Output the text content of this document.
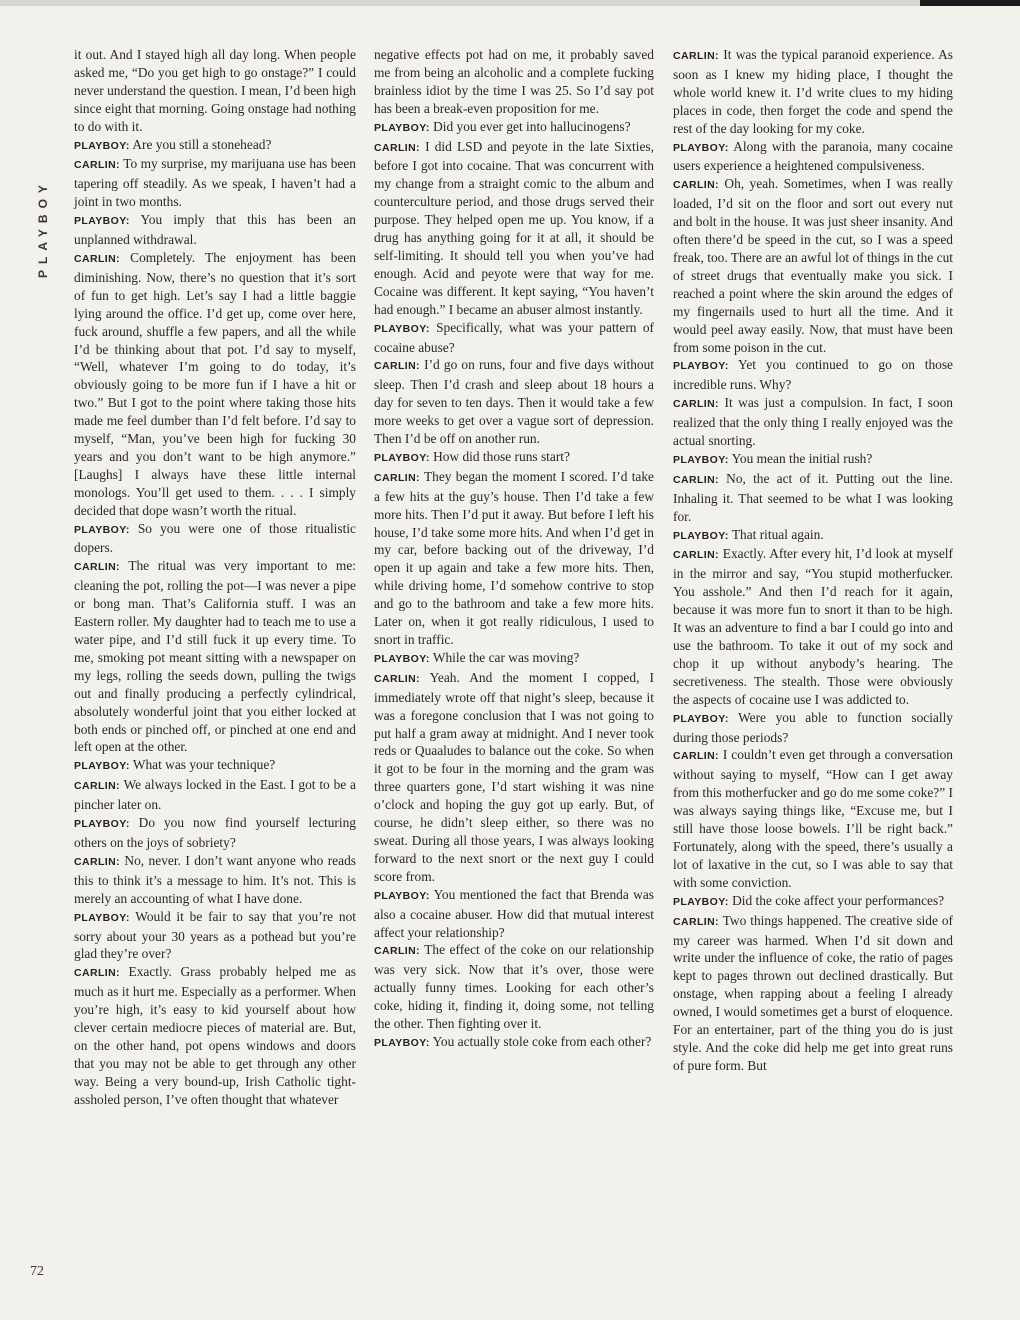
PLAYBOY

it out. And I stayed high all day long. When people asked me, “Do you get high to go onstage?” I could never understand the question. I mean, I’d been high since eight that morning. Going onstage had nothing to do with it.

PLAYBOY: Are you still a stonehead?

CARLIN: To my surprise, my marijuana use has been tapering off steadily. As we speak, I haven’t had a joint in two months.

PLAYBOY: You imply that this has been an unplanned withdrawal.

CARLIN: Completely. The enjoyment has been diminishing. Now, there’s no question that it’s sort of fun to get high. Let’s say I had a little baggie lying around the office. I’d get up, come over here, fuck around, shuffle a few papers, and all the while I’d be thinking about that pot. I’d say to myself, “Well, whatever I’m going to do today, it’s obviously going to be more fun if I have a hit or two.” But I got to the point where taking those hits made me feel dumber than I’d felt before. I’d say to myself, “Man, you’ve been high for fucking 30 years and you don’t want to be high anymore.” [Laughs] I always have these little internal monologs. You’ll get used to them. . . . I simply decided that dope wasn’t worth the ritual.

PLAYBOY: So you were one of those ritualistic dopers.

CARLIN: The ritual was very important to me: cleaning the pot, rolling the pot—I was never a pipe or bong man. That’s California stuff. I was an Eastern roller. My daughter had to teach me to use a water pipe, and I’d still fuck it up every time. To me, smoking pot meant sitting with a newspaper on my legs, rolling the seeds down, pulling the twigs out and finally producing a perfectly cylindrical, absolutely wonderful joint that you either locked at both ends or pinched off, or pinched at one end and left open at the other.

PLAYBOY: What was your technique?

CARLIN: We always locked in the East. I got to be a pincher later on.

PLAYBOY: Do you now find yourself lecturing others on the joys of sobriety?

CARLIN: No, never. I don’t want anyone who reads this to think it’s a message to him. It’s not. This is merely an accounting of what I have done.

PLAYBOY: Would it be fair to say that you’re not sorry about your 30 years as a pothead but you’re glad they’re over?

CARLIN: Exactly. Grass probably helped me as much as it hurt me. Especially as a performer. When you’re high, it’s easy to kid yourself about how clever certain mediocre pieces of material are. But, on the other hand, pot opens windows and doors that you may not be able to get through any other way. Being a very bound-up, Irish Catholic tight-assholed person, I’ve often thought that whatever

negative effects pot had on me, it probably saved me from being an alcoholic and a complete fucking brainless idiot by the time I was 25. So I’d say pot has been a break-even proposition for me.

PLAYBOY: Did you ever get into hallucinogens?

CARLIN: I did LSD and peyote in the late Sixties, before I got into cocaine. That was concurrent with my change from a straight comic to the album and counterculture period, and those drugs served their purpose. They helped open me up. You know, if a drug has anything going for it at all, it should be self-limiting. It should tell you when you’ve had enough. Acid and peyote were that way for me. Cocaine was different. It kept saying, “You haven’t had enough.” I became an abuser almost instantly.

PLAYBOY: Specifically, what was your pattern of cocaine abuse?

CARLIN: I’d go on runs, four and five days without sleep. Then I’d crash and sleep about 18 hours a day for seven to ten days. Then it would take a few more weeks to get over a vague sort of depression. Then I’d be off on another run.

PLAYBOY: How did those runs start?

CARLIN: They began the moment I scored. I’d take a few hits at the guy’s house. Then I’d take a few more hits. Then I’d put it away. But before I left his house, I’d take some more hits. And when I’d get in my car, before backing out of the driveway, I’d open it up again and take a few more hits. Then, while driving home, I’d somehow contrive to stop and go to the bathroom and take a few more hits. Later on, when it got really ridiculous, I used to snort in traffic.

PLAYBOY: While the car was moving?

CARLIN: Yeah. And the moment I copped, I immediately wrote off that night’s sleep, because it was a foregone conclusion that I was not going to put half a gram away at midnight. And I never took reds or Quaaludes to balance out the coke. So when it got to be four in the morning and the gram was three quarters gone, I’d start wishing it was nine o’clock and hoping the guy got up early. But, of course, he didn’t sleep either, so there was no sweat. During all those years, I was always looking forward to the next snort or the next guy I could score from.

PLAYBOY: You mentioned the fact that Brenda was also a cocaine abuser. How did that mutual interest affect your relationship?

CARLIN: The effect of the coke on our relationship was very sick. Now that it’s over, those were actually funny times. Looking for each other’s coke, hiding it, finding it, doing some, not telling the other. Then fighting over it.

PLAYBOY: You actually stole coke from each other?

CARLIN: It was the typical paranoid experience. As soon as I knew my hiding place, I thought the whole world knew it. I’d write clues to my hiding places in code, then forget the code and spend the rest of the day looking for my coke.

PLAYBOY: Along with the paranoia, many cocaine users experience a heightened compulsiveness.

CARLIN: Oh, yeah. Sometimes, when I was really loaded, I’d sit on the floor and sort out every nut and bolt in the house. It was just sheer insanity. And often there’d be speed in the cut, so I was a speed freak, too. There are an awful lot of things in the cut of street drugs that eventually make you sick. I reached a point where the skin around the edges of my fingernails used to hurt all the time. And it would peel away easily. Now, that must have been from some poison in the cut.

PLAYBOY: Yet you continued to go on those incredible runs. Why?

CARLIN: It was just a compulsion. In fact, I soon realized that the only thing I really enjoyed was the actual snorting.

PLAYBOY: You mean the initial rush?

CARLIN: No, the act of it. Putting out the line. Inhaling it. That seemed to be what I was looking for.

PLAYBOY: That ritual again.

CARLIN: Exactly. After every hit, I’d look at myself in the mirror and say, “You stupid motherfucker. You asshole.” And then I’d reach for it again, because it was more fun to snort it than to be high. It was an adventure to find a bar I could go into and use the bathroom. To take it out of my sock and chop it up without anybody’s hearing. The secretiveness. The stealth. Those were obviously the aspects of cocaine use I was addicted to.

PLAYBOY: Were you able to function socially during those periods?

CARLIN: I couldn’t even get through a conversation without saying to myself, “How can I get away from this motherfucker and go do me some coke?” I was always saying things like, “Excuse me, but I still have those loose bowels. I’ll be right back.” Fortunately, along with the speed, there’s usually a lot of laxative in the cut, so I was able to say that with some conviction.

PLAYBOY: Did the coke affect your performances?

CARLIN: Two things happened. The creative side of my career was harmed. When I’d sit down and write under the influence of coke, the ratio of pages kept to pages thrown out declined drastically. But onstage, when rapping about a feeling I already owned, I would sometimes get a burst of eloquence. For an entertainer, part of the thing you do is just style. And the coke did help me get into great runs of pure form. But

72
